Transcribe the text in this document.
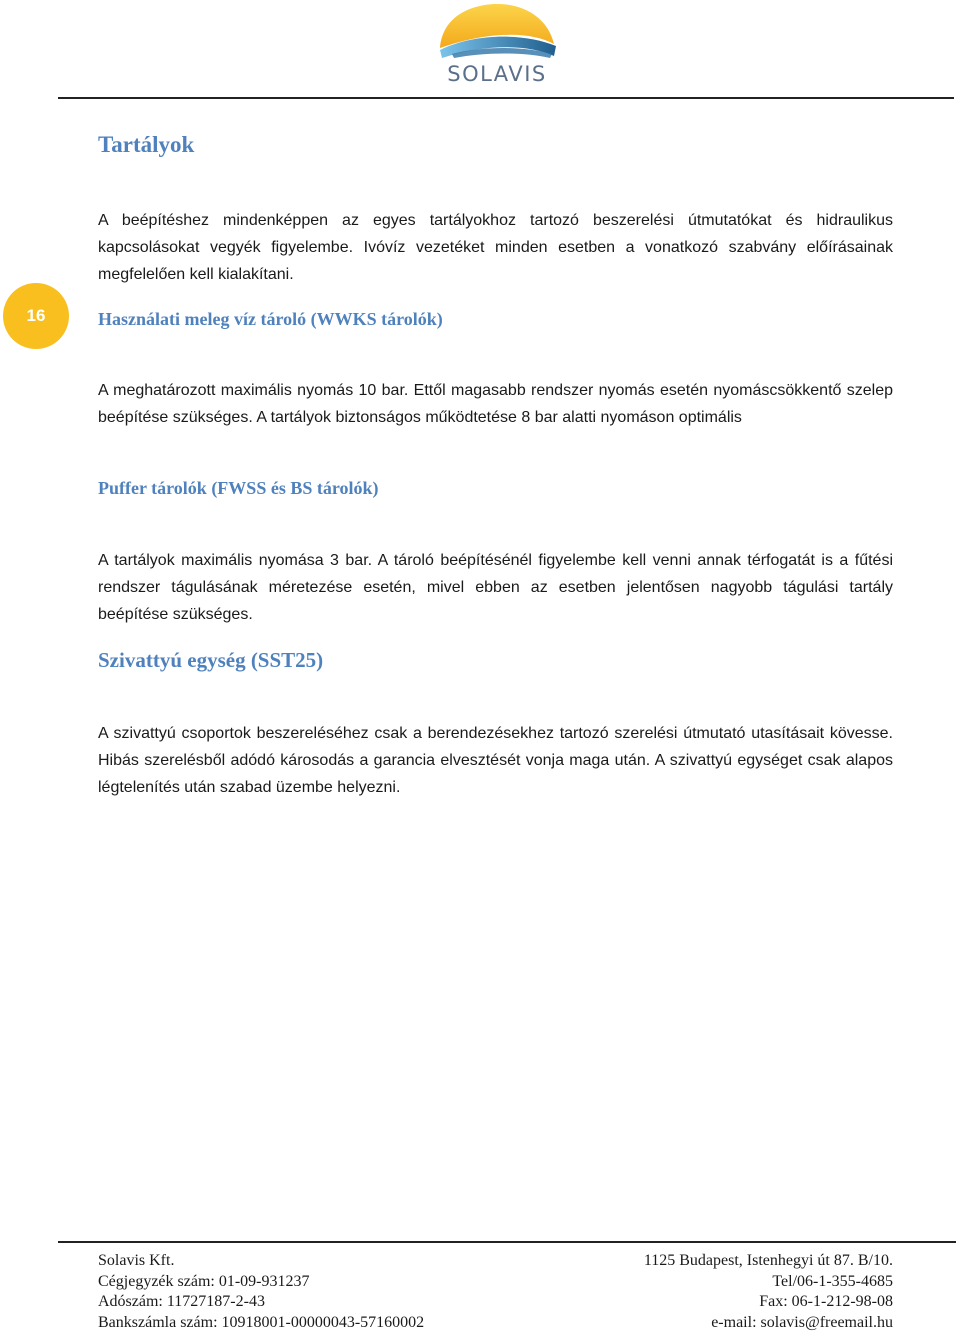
SOLAVIS
16
Tartályok

A beépítéshez mindenképpen az egyes tartályokhoz tartozó beszerelési útmutatókat és hidraulikus kapcsolásokat vegyék figyelembe. Ivóvíz vezetéket minden esetben a vonatkozó szabvány előírásainak megfelelően kell kialakítani.

Használati meleg víz tároló (WWKS tárolók)

A meghatározott maximális nyomás 10 bar. Ettől magasabb rendszer nyomás esetén nyomáscsökkentő szelep beépítése szükséges. A tartályok biztonságos működtetése 8 bar alatti nyomáson optimális

Puffer tárolók (FWSS és BS tárolók)

A tartályok maximális nyomása 3 bar. A tároló beépítésénél figyelembe kell venni annak térfogatát is a fűtési rendszer tágulásának méretezése esetén, mivel ebben az esetben jelentősen nagyobb tágulási tartály beépítése szükséges.

Szivattyú egység (SST25)

A szivattyú csoportok beszereléséhez csak a berendezésekhez tartozó szerelési útmutató utasításait kövesse. Hibás szerelésből adódó károsodás a garancia elvesztését vonja maga után. A szivattyú egységet csak alapos légtelenítés után szabad üzembe helyezni.

Solavis Kft.
Cégjegyzék szám: 01-09-931237
Adószám: 11727187-2-43
Bankszámla szám: 10918001-00000043-57160002
1125 Budapest, Istenhegyi út 87. B/10.
Tel/06-1-355-4685
Fax: 06-1-212-98-08
e-mail: solavis@freemail.hu
